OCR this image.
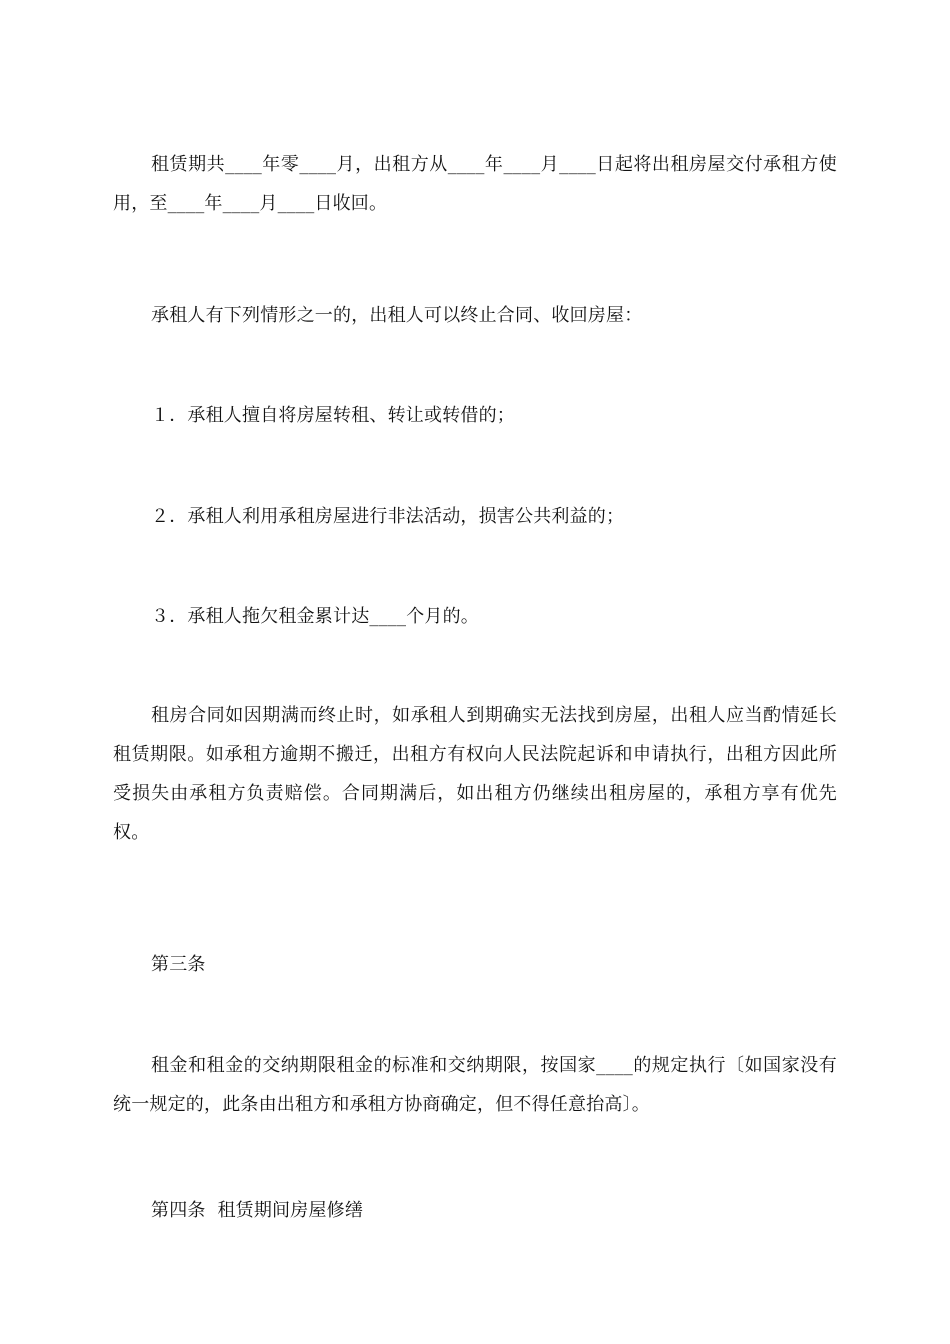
租赁期共____年零____月，出租方从____年____月____日起将出租房屋交付承租方使用，至____年____月____日收回。

承租人有下列情形之一的，出租人可以终止合同、收回房屋：

１．承租人擅自将房屋转租、转让或转借的；

２．承租人利用承租房屋进行非法活动，损害公共利益的；

３．承租人拖欠租金累计达____个月的。

租房合同如因期满而终止时，如承租人到期确实无法找到房屋，出租人应当酌情延长租赁期限。如承租方逾期不搬迁，出租方有权向人民法院起诉和申请执行，出租方因此所受损失由承租方负责赔偿。合同期满后，如出租方仍继续出租房屋的，承租方享有优先权。

第三条

租金和租金的交纳期限租金的标准和交纳期限，按国家____的规定执行〔如国家没有统一规定的，此条由出租方和承租方协商确定，但不得任意抬高〕。

第四条  租赁期间房屋修缮
